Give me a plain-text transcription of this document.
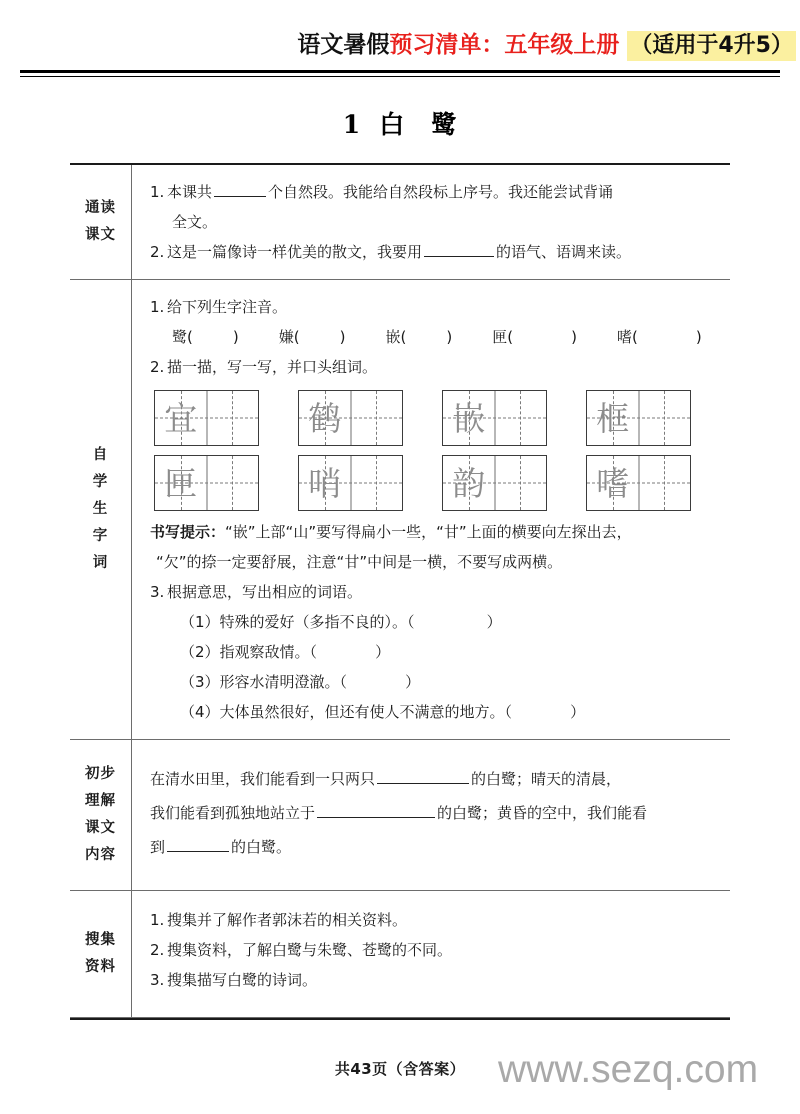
语文暑假预习清单：五年级上册 （适用于4升5）
1 白 鹭
通读
课文
1. 本课共	个自然段。我能给自然段标上序号。我还能尝试背诵
全文。
2. 这是一篇像诗一样优美的散文，我要用	的语气、语调来读。
自
学
生
字
词
1. 给下列生字注音。
鹭(	)	嫌(	)	嵌(	)	匣(	)	嗜(	)
2. 描一描，写一写，并口头组词。
宜	鹤	嵌	框
匣	哨	韵	嗜
书写提示：“嵌”上部“山”要写得扁小一些，“甘”上面的横要向左探出去，
“欠”的捺一定要舒展，注意“甘”中间是一横，不要写成两横。
3. 根据意思，写出相应的词语。
（1）特殊的爱好（多指不良的）。（	）
（2）指观察敌情。（	）
（3）形容水清明澄澈。（	）
（4）大体虽然很好，但还有使人不满意的地方。（	）
初步
理解
课文
内容
在清水田里，我们能看到一只两只	的白鹭；晴天的清晨， 我们能看到孤独地站立于	的白鹭；黄昏的空中，我们能看 到	的白鹭。
搜集
资料
1. 搜集并了解作者郭沫若的相关资料。
2. 搜集资料，了解白鹭与朱鹭、苍鹭的不同。
3. 搜集描写白鹭的诗词。
共43页（含答案） www.sezq.com
